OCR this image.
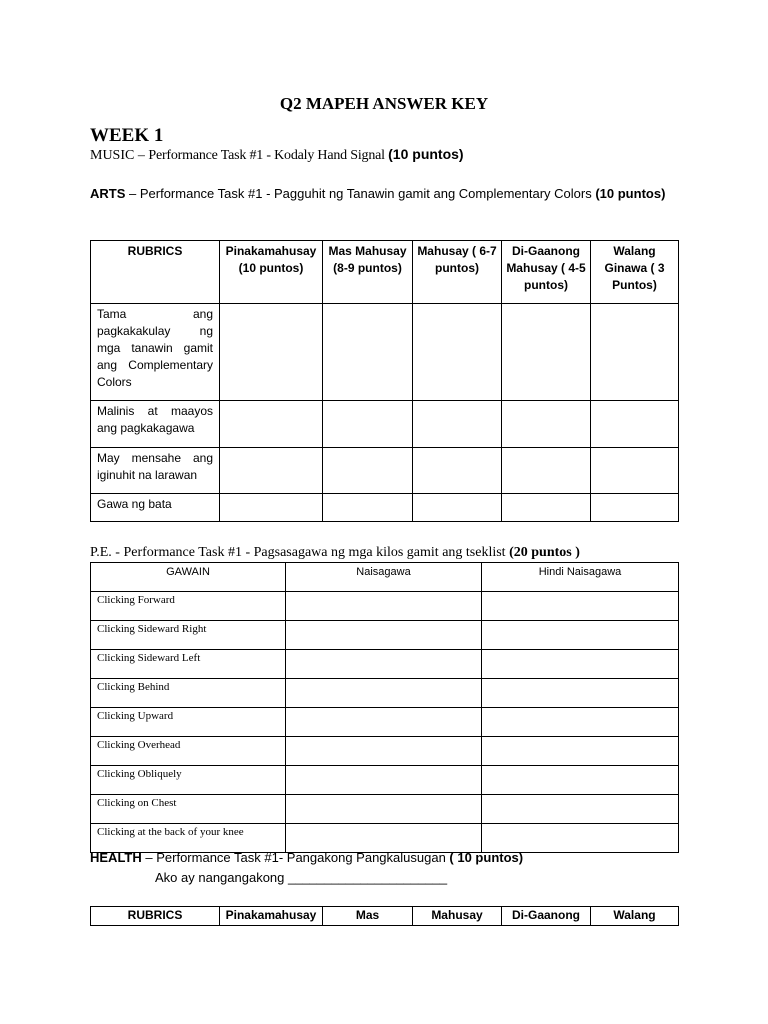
Q2 MAPEH ANSWER KEY
WEEK 1
MUSIC – Performance Task #1 - Kodaly Hand Signal (10 puntos)
ARTS – Performance Task #1 - Pagguhit ng Tanawin gamit ang Complementary Colors (10 puntos)
RUBRICS	Pinakamahusay (10 puntos)	Mas Mahusay (8-9 puntos)	Mahusay ( 6-7 puntos)	Di-Gaanong Mahusay ( 4-5 puntos)	Walang Ginawa ( 3 Puntos)
Tama ang pagkakakulay ng mga tanawin gamit ang Complementary Colors					
Malinis at maayos ang pagkakagawa					
May mensahe ang iginuhit na larawan					
Gawa ng bata					
P.E. - Performance Task #1 - Pagsasagawa ng mga kilos gamit ang tseklist (20 puntos )
GAWAIN	Naisagawa	Hindi Naisagawa
Clicking Forward		
Clicking Sideward Right		
Clicking Sideward Left		
Clicking Behind		
Clicking Upward		
Clicking Overhead		
Clicking Obliquely		
Clicking on Chest		
Clicking at the back of your knee		
HEALTH – Performance Task #1- Pangakong Pangkalusugan ( 10 puntos)
Ako ay nangangakong ______________________
RUBRICS	Pinakamahusay	Mas	Mahusay	Di-Gaanong	Walang
